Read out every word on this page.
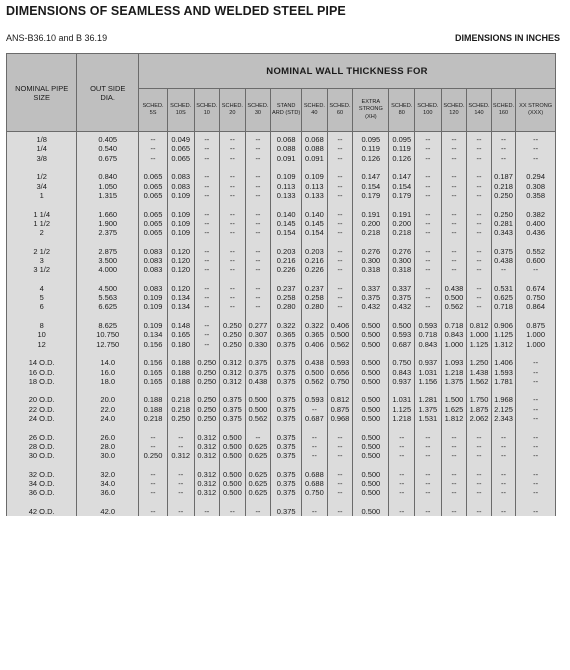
DIMENSIONS OF SEAMLESS AND WELDED STEEL PIPE
ANS-B36.10 and B 36.19	DIMENSIONS IN INCHES
NOMINAL PIPE SIZE	OUT SIDE DIA.	NOMINAL WALL THICKNESS FOR														
		SCHED. 5S	SCHED. 10S	SCHED. 10	SCHED. 20	SCHED. 30	STAND ARD (STD)	SCHED. 40	SCHED. 60	EXTRA STRONG (XH)	SCHED. 80	SCHED. 100	SCHED. 120	SCHED. 140	SCHED. 160	XX STRONG (XXX)
1/8	0.405	--	0.049	--	--	--	0.068	0.068	--	0.095	0.095	--	--	--	--	--
1/4	0.540	--	0.065	--	--	--	0.088	0.088	--	0.119	0.119	--	--	--	--	--
3/8	0.675	--	0.065	--	--	--	0.091	0.091	--	0.126	0.126	--	--	--	--	--

1/2	0.840	0.065	0.083	--	--	--	0.109	0.109	--	0.147	0.147	--	--	--	0.187	0.294
3/4	1.050	0.065	0.083	--	--	--	0.113	0.113	--	0.154	0.154	--	--	--	0.218	0.308
1	1.315	0.065	0.109	--	--	--	0.133	0.133	--	0.179	0.179	--	--	--	0.250	0.358

1 1/4	1.660	0.065	0.109	--	--	--	0.140	0.140	--	0.191	0.191	--	--	--	0.250	0.382
1 1/2	1.900	0.065	0.109	--	--	--	0.145	0.145	--	0.200	0.200	--	--	--	0.281	0.400
2	2.375	0.065	0.109	--	--	--	0.154	0.154	--	0.218	0.218	--	--	--	0.343	0.436

2 1/2	2.875	0.083	0.120	--	--	--	0.203	0.203	--	0.276	0.276	--	--	--	0.375	0.552
3	3.500	0.083	0.120	--	--	--	0.216	0.216	--	0.300	0.300	--	--	--	0.438	0.600
3 1/2	4.000	0.083	0.120	--	--	--	0.226	0.226	--	0.318	0.318	--	--	--	--	--

4	4.500	0.083	0.120	--	--	--	0.237	0.237	--	0.337	0.337	--	0.438	--	0.531	0.674
5	5.563	0.109	0.134	--	--	--	0.258	0.258	--	0.375	0.375	--	0.500	--	0.625	0.750
6	6.625	0.109	0.134	--	--	--	0.280	0.280	--	0.432	0.432	--	0.562	--	0.718	0.864

8	8.625	0.109	0.148	--	0.250	0.277	0.322	0.322	0.406	0.500	0.500	0.593	0.718	0.812	0.906	0.875
10	10.750	0.134	0.165	--	0.250	0.307	0.365	0.365	0.500	0.500	0.593	0.718	0.843	1.000	1.125	1.000
12	12.750	0.156	0.180	--	0.250	0.330	0.375	0.406	0.562	0.500	0.687	0.843	1.000	1.125	1.312	1.000

14 O.D.	14.0	0.156	0.188	0.250	0.312	0.375	0.375	0.438	0.593	0.500	0.750	0.937	1.093	1.250	1.406	--
16 O.D.	16.0	0.165	0.188	0.250	0.312	0.375	0.375	0.500	0.656	0.500	0.843	1.031	1.218	1.438	1.593	--
18 O.D.	18.0	0.165	0.188	0.250	0.312	0.438	0.375	0.562	0.750	0.500	0.937	1.156	1.375	1.562	1.781	--

20 O.D.	20.0	0.188	0.218	0.250	0.375	0.500	0.375	0.593	0.812	0.500	1.031	1.281	1.500	1.750	1.968	--
22 O.D.	22.0	0.188	0.218	0.250	0.375	0.500	0.375	--	0.875	0.500	1.125	1.375	1.625	1.875	2.125	--
24 O.D.	24.0	0.218	0.250	0.250	0.375	0.562	0.375	0.687	0.968	0.500	1.218	1.531	1.812	2.062	2.343	--

26 O.D.	26.0	--	--	0.312	0.500	--	0.375	--	--	0.500	--	--	--	--	--	--
28 O.D.	28.0	--	--	0.312	0.500	0.625	0.375	--	--	0.500	--	--	--	--	--	--
30 O.D.	30.0	0.250	0.312	0.312	0.500	0.625	0.375	--	--	0.500	--	--	--	--	--	--

32 O.D.	32.0	--	--	0.312	0.500	0.625	0.375	0.688	--	0.500	--	--	--	--	--	--
34 O.D.	34.0	--	--	0.312	0.500	0.625	0.375	0.688	--	0.500	--	--	--	--	--	--
36 O.D.	36.0	--	--	0.312	0.500	0.625	0.375	0.750	--	0.500	--	--	--	--	--	--

42 O.D.	42.0	--	--	--	--	--	0.375	--	--	0.500	--	--	--	--	--	--
